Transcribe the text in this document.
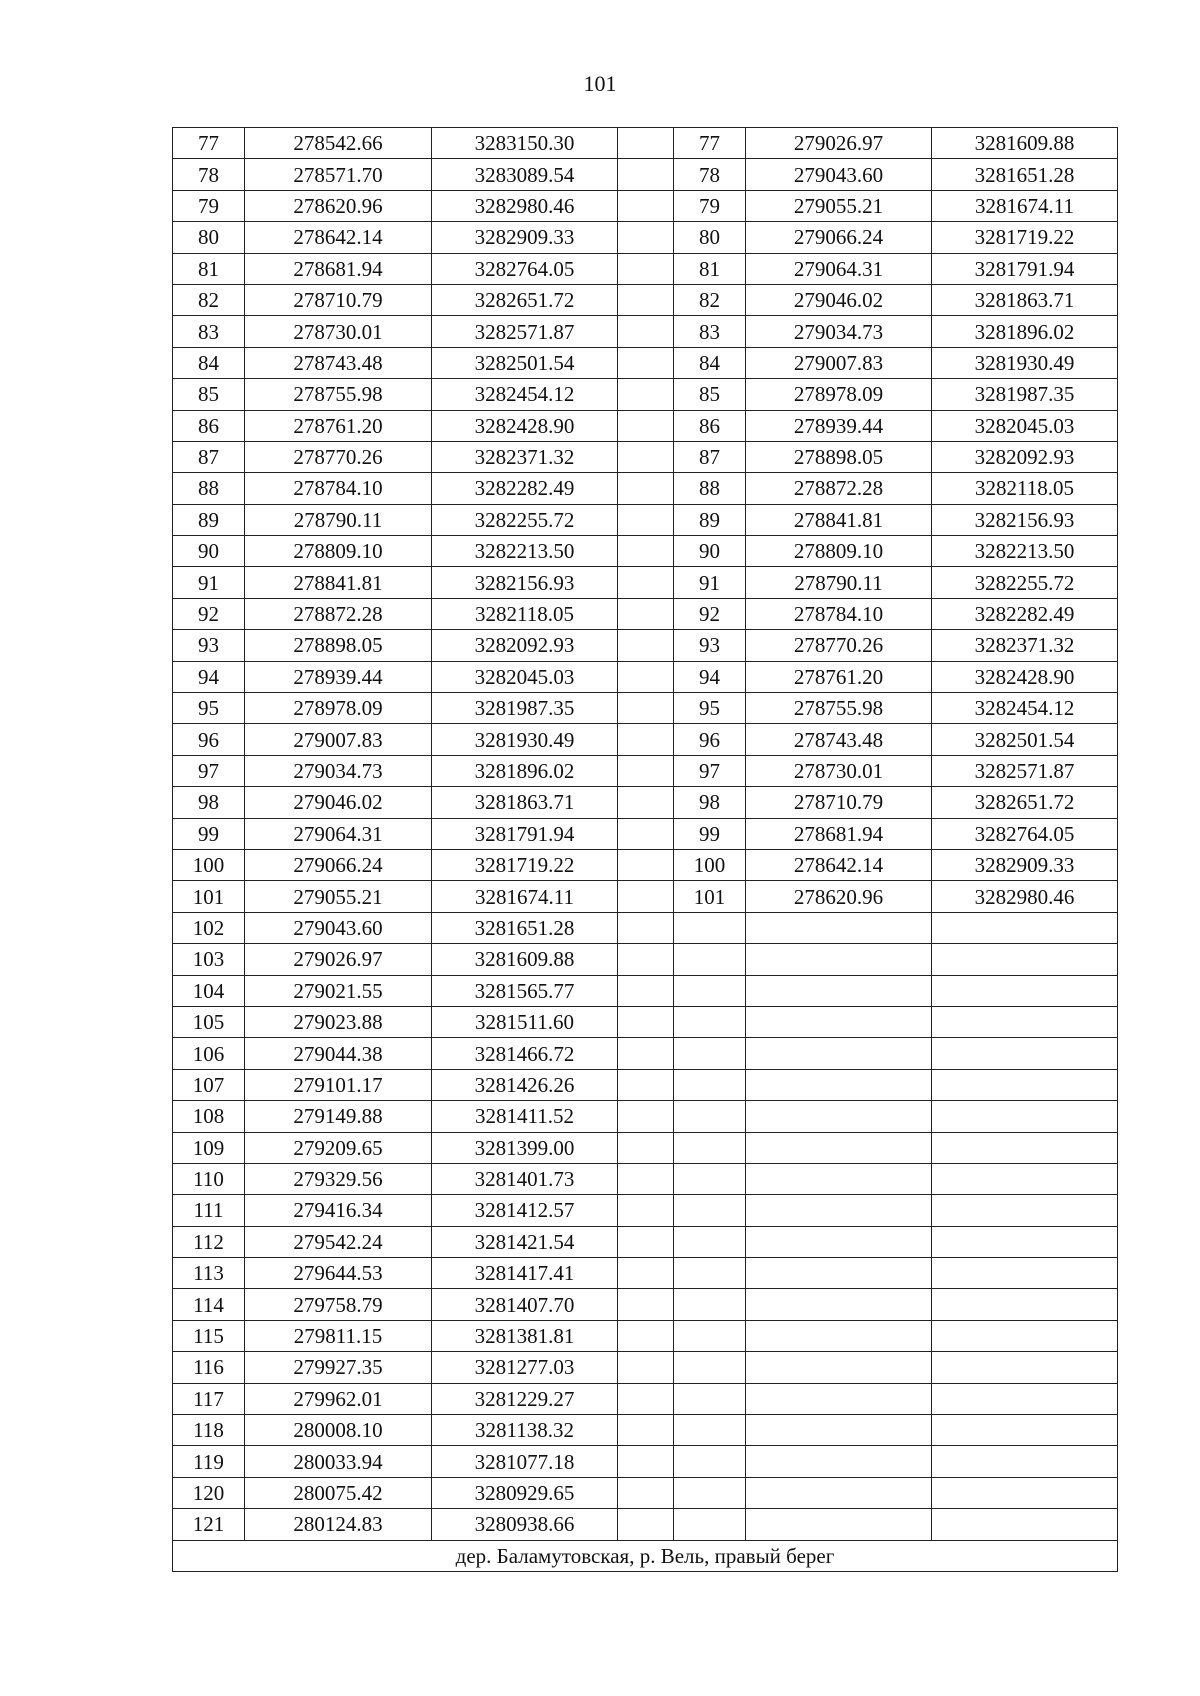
101
77	278542.66	3283150.30		77	279026.97	3281609.88
78	278571.70	3283089.54		78	279043.60	3281651.28
79	278620.96	3282980.46		79	279055.21	3281674.11
80	278642.14	3282909.33		80	279066.24	3281719.22
81	278681.94	3282764.05		81	279064.31	3281791.94
82	278710.79	3282651.72		82	279046.02	3281863.71
83	278730.01	3282571.87		83	279034.73	3281896.02
84	278743.48	3282501.54		84	279007.83	3281930.49
85	278755.98	3282454.12		85	278978.09	3281987.35
86	278761.20	3282428.90		86	278939.44	3282045.03
87	278770.26	3282371.32		87	278898.05	3282092.93
88	278784.10	3282282.49		88	278872.28	3282118.05
89	278790.11	3282255.72		89	278841.81	3282156.93
90	278809.10	3282213.50		90	278809.10	3282213.50
91	278841.81	3282156.93		91	278790.11	3282255.72
92	278872.28	3282118.05		92	278784.10	3282282.49
93	278898.05	3282092.93		93	278770.26	3282371.32
94	278939.44	3282045.03		94	278761.20	3282428.90
95	278978.09	3281987.35		95	278755.98	3282454.12
96	279007.83	3281930.49		96	278743.48	3282501.54
97	279034.73	3281896.02		97	278730.01	3282571.87
98	279046.02	3281863.71		98	278710.79	3282651.72
99	279064.31	3281791.94		99	278681.94	3282764.05
100	279066.24	3281719.22		100	278642.14	3282909.33
101	279055.21	3281674.11		101	278620.96	3282980.46
102	279043.60	3281651.28				
103	279026.97	3281609.88				
104	279021.55	3281565.77				
105	279023.88	3281511.60				
106	279044.38	3281466.72				
107	279101.17	3281426.26				
108	279149.88	3281411.52				
109	279209.65	3281399.00				
110	279329.56	3281401.73				
111	279416.34	3281412.57				
112	279542.24	3281421.54				
113	279644.53	3281417.41				
114	279758.79	3281407.70				
115	279811.15	3281381.81				
116	279927.35	3281277.03				
117	279962.01	3281229.27				
118	280008.10	3281138.32				
119	280033.94	3281077.18				
120	280075.42	3280929.65				
121	280124.83	3280938.66				
дер. Баламутовская, р. Вель, правый берег						
